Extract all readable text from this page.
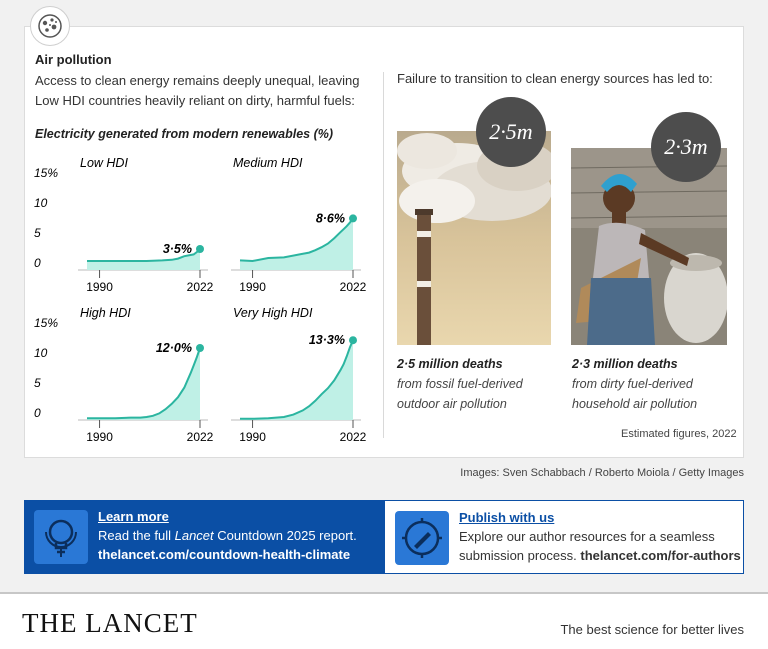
Air pollution
Access to clean energy remains deeply unequal, leaving Low HDI countries heavily reliant on dirty, harmful fuels:
Failure to transition to clean energy sources has led to:
Electricity generated from modern renewables (%)
15%
10
5
0
Low HDI
1990	2022
3·5%
Medium HDI
1990	2022
8·6%
15%
10
5
0
High HDI
1990	2022
12·0%
Very High HDI
1990	2022
13·3%
2·5m
2·3m
2·5 million deaths
from fossil fuel-derived
outdoor air pollution
2·3 million deaths
from dirty fuel-derived
household air pollution
Estimated figures, 2022
Images: Sven Schabbach / Roberto Moiola / Getty Images
Learn more
Read the full Lancet Countdown 2025 report.
thelancet.com/countdown-health-climate
Publish with us
Explore our author resources for a seamless
submission process. thelancet.com/for-authors
THE LANCET	The best science for better lives
